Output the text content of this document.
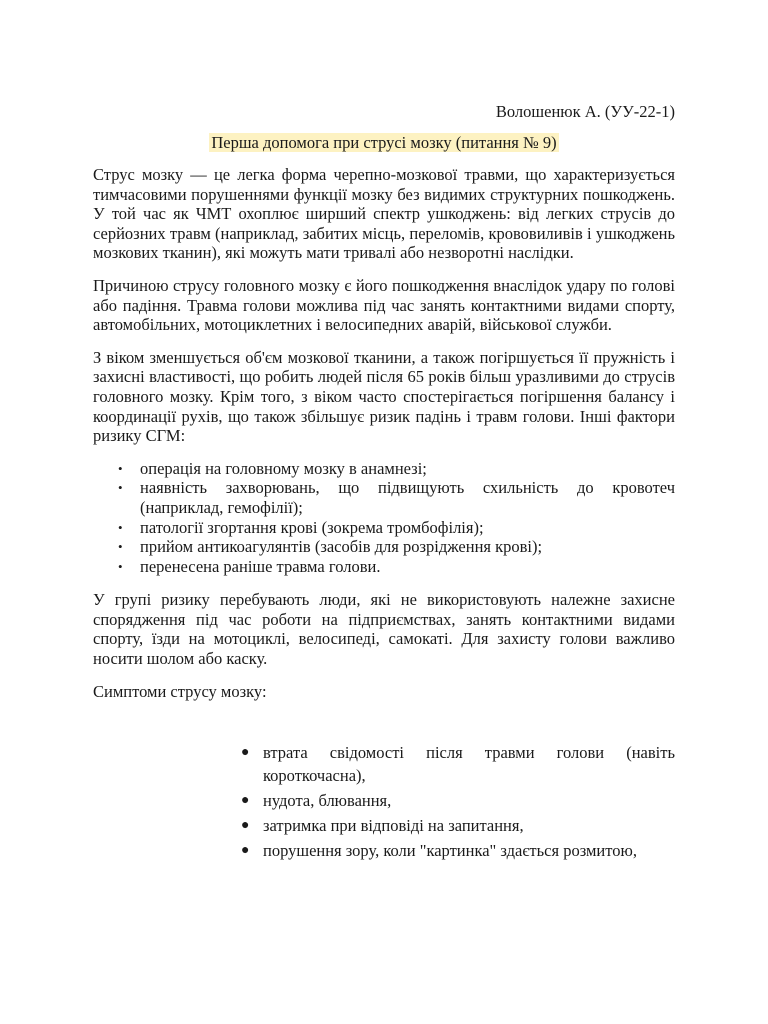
Волошенюк А. (УУ-22-1)
Перша допомога при струсі мозку (питання № 9)

Струс мозку — це легка форма черепно-мозкової травми, що характеризується тимчасовими порушеннями функції мозку без видимих структурних пошкоджень. У той час як ЧМТ охоплює ширший спектр ушкоджень: від легких струсів до серйозних травм (наприклад, забитих місць, переломів, крововиливів і ушкоджень мозкових тканин), які можуть мати тривалі або незворотні наслідки.

Причиною струсу головного мозку є його пошкодження внаслідок удару по голові або падіння. Травма голови можлива під час занять контактними видами спорту, автомобільних, мотоциклетних і велосипедних аварій, військової служби.

З віком зменшується об'єм мозкової тканини, а також погіршується її пружність і захисні властивості, що робить людей після 65 років більш уразливими до струсів головного мозку. Крім того, з віком часто спостерігається погіршення балансу і координації рухів, що також збільшує ризик падінь і травм голови. Інші фактори ризику СГМ:

• операція на головному мозку в анамнезі;
• наявність захворювань, що підвищують схильність до кровотеч (наприклад, гемофілії);
• патології згортання крові (зокрема тромбофілія);
• прийом антикоагулянтів (засобів для розрідження крові);
• перенесена раніше травма голови.

У групі ризику перебувають люди, які не використовують належне захисне спорядження під час роботи на підприємствах, занять контактними видами спорту, їзди на мотоциклі, велосипеді, самокаті. Для захисту голови важливо носити шолом або каску.

Симптоми струсу мозку:

● втрата свідомості після травми голови (навіть короткочасна),
● нудота, блювання,
● затримка при відповіді на запитання,
● порушення зору, коли "картинка" здається розмитою,
